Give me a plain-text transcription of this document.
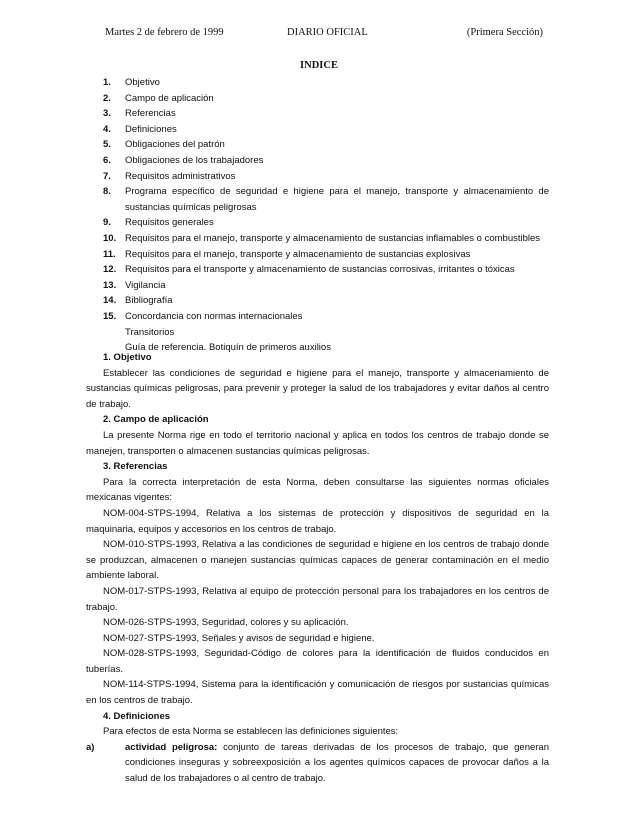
Martes 2 de febrero de 1999	DIARIO OFICIAL	(Primera Sección)
INDICE
1.	Objetivo
2.	Campo de aplicación
3.	Referencias
4.	Definiciones
5.	Obligaciones del patrón
6.	Obligaciones de los trabajadores
7.	Requisitos administrativos
8.	Programa específico de seguridad e higiene para el manejo, transporte y almacenamiento de sustancias químicas peligrosas
9.	Requisitos generales
10. Requisitos para el manejo, transporte y almacenamiento de sustancias inflamables o combustibles
11. Requisitos para el manejo, transporte y almacenamiento de sustancias explosivas
12. Requisitos para el transporte y almacenamiento de sustancias corrosivas, irritantes o tóxicas
13. Vigilancia
14. Bibliografía
15. Concordancia con normas internacionales
Transitorios
Guía de referencia. Botiquín de primeros auxilios
1. Objetivo
Establecer las condiciones de seguridad e higiene para el manejo, transporte y almacenamiento de sustancias químicas peligrosas, para prevenir y proteger la salud de los trabajadores y evitar daños al centro de trabajo.
2. Campo de aplicación
La presente Norma rige en todo el territorio nacional y aplica en todos los centros de trabajo donde se manejen, transporten o almacenen sustancias químicas peligrosas.
3. Referencias
Para la correcta interpretación de esta Norma, deben consultarse las siguientes normas oficiales mexicanas vigentes:
NOM-004-STPS-1994, Relativa a los sistemas de protección y dispositivos de seguridad en la maquinaria, equipos y accesorios en los centros de trabajo.
NOM-010-STPS-1993, Relativa a las condiciones de seguridad e higiene en los centros de trabajo donde se produzcan, almacenen o manejen sustancias químicas capaces de generar contaminación en el medio ambiente laboral.
NOM-017-STPS-1993, Relativa al equipo de protección personal para los trabajadores en los centros de trabajo.
NOM-026-STPS-1993, Seguridad, colores y su aplicación.
NOM-027-STPS-1993, Señales y avisos de seguridad e higiene.
NOM-028-STPS-1993, Seguridad-Código de colores para la identificación de fluidos conducidos en tuberías.
NOM-114-STPS-1994, Sistema para la identificación y comunicación de riesgos por sustancias químicas en los centros de trabajo.
4. Definiciones
Para efectos de esta Norma se establecen las definiciones siguientes:
a)	actividad peligrosa: conjunto de tareas derivadas de los procesos de trabajo, que generan condiciones inseguras y sobreexposición a los agentes químicos capaces de provocar daños a la salud de los trabajadores o al centro de trabajo.
